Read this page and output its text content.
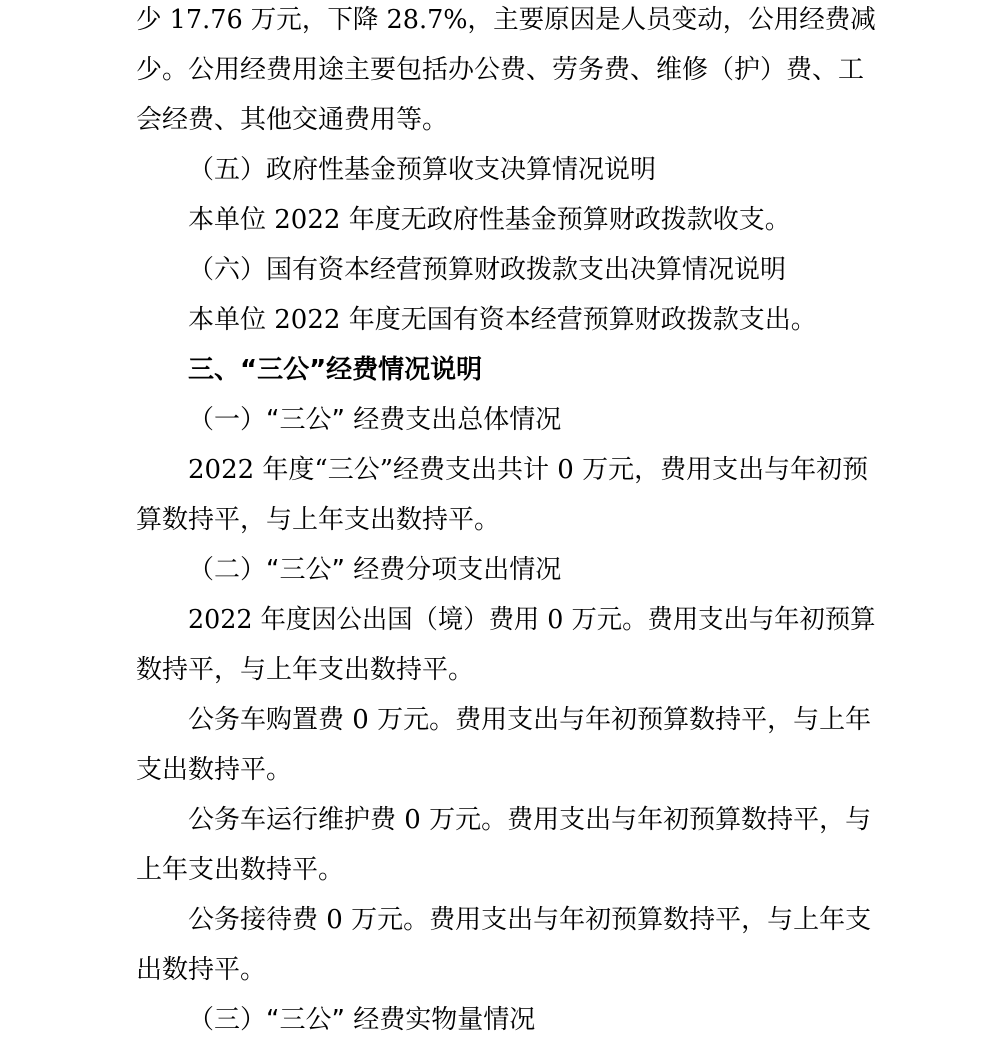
少 17.76 万元，下降 28.7%，主要原因是人员变动，公用经费减
少。公用经费用途主要包括办公费、劳务费、维修（护）费、工
会经费、其他交通费用等。
（五）政府性基金预算收支决算情况说明
本单位 2022 年度无政府性基金预算财政拨款收支。
（六）国有资本经营预算财政拨款支出决算情况说明
本单位 2022 年度无国有资本经营预算财政拨款支出。
三、“三公”经费情况说明
（一）“三公” 经费支出总体情况
2022 年度“三公”经费支出共计 0 万元，费用支出与年初预
算数持平，与上年支出数持平。
（二）“三公” 经费分项支出情况
2022 年度因公出国（境）费用 0 万元。费用支出与年初预算
数持平，与上年支出数持平。
公务车购置费 0 万元。费用支出与年初预算数持平，与上年
支出数持平。
公务车运行维护费 0 万元。费用支出与年初预算数持平，与
上年支出数持平。
公务接待费 0 万元。费用支出与年初预算数持平，与上年支
出数持平。
（三）“三公” 经费实物量情况
